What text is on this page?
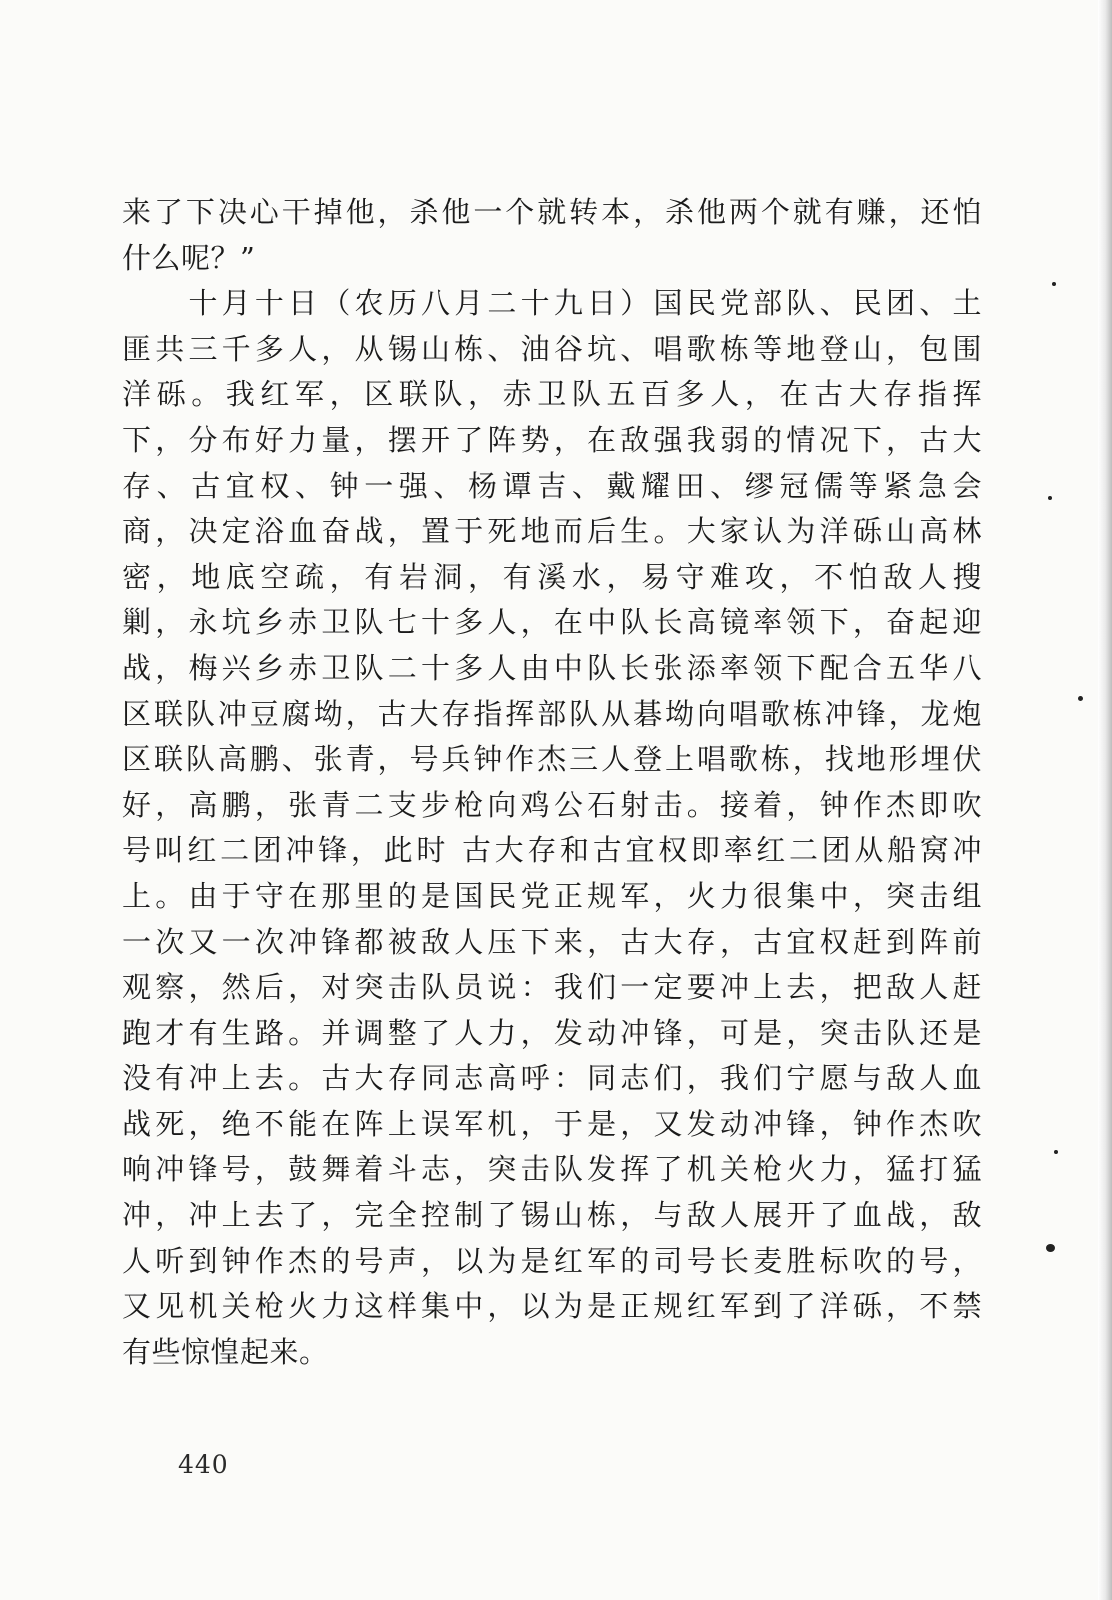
来了下决心干掉他，杀他一个就转本，杀他两个就有赚，还怕
什么呢？”
　　十月十日（农历八月二十九日）国民党部队、民团、土
匪共三千多人，从锡山栋、油谷坑、唱歌栋等地登山，包围
洋砾。我红军，区联队，赤卫队五百多人，在古大存指挥
下，分布好力量，摆开了阵势，在敌强我弱的情况下，古大
存、古宜权、钟一强、杨谭吉、戴耀田、缪冠儒等紧急会
商，决定浴血奋战，置于死地而后生。大家认为洋砾山高林
密，地底空疏，有岩洞，有溪水，易守难攻，不怕敌人搜
剿，永坑乡赤卫队七十多人，在中队长高镜率领下，奋起迎
战，梅兴乡赤卫队二十多人由中队长张添率领下配合五华八
区联队冲豆腐坳，古大存指挥部队从碁坳向唱歌栋冲锋，龙炮
区联队高鹏、张青，号兵钟作杰三人登上唱歌栋，找地形埋伏
好，高鹏，张青二支步枪向鸡公石射击。接着，钟作杰即吹
号叫红二团冲锋，此时 古大存和古宜权即率红二团从船窝冲
上。由于守在那里的是国民党正规军，火力很集中，突击组
一次又一次冲锋都被敌人压下来，古大存，古宜权赶到阵前
观察，然后，对突击队员说：我们一定要冲上去，把敌人赶
跑才有生路。并调整了人力，发动冲锋，可是，突击队还是
没有冲上去。古大存同志高呼：同志们，我们宁愿与敌人血
战死，绝不能在阵上误军机，于是，又发动冲锋，钟作杰吹
响冲锋号，鼓舞着斗志，突击队发挥了机关枪火力，猛打猛
冲，冲上去了，完全控制了锡山栋，与敌人展开了血战，敌
人听到钟作杰的号声，以为是红军的司号长麦胜标吹的号，
又见机关枪火力这样集中，以为是正规红军到了洋砾，不禁
有些惊惶起来。
440
